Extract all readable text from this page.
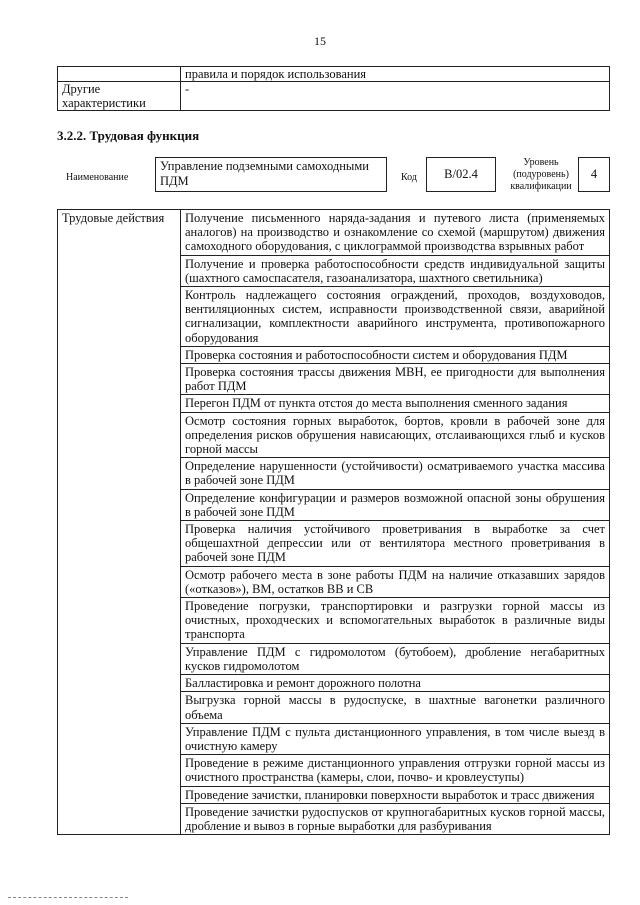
15
	правила и порядок использования
Другие характеристики	-
3.2.2. Трудовая функция
Наименование
Управление подземными самоходными ПДМ	Код	В/02.4
Уровень (подуровень) квалификации
4
Трудовые действия	Получение письменного наряда-задания и путевого листа (применяемых аналогов) на производство и ознакомление со схемой (маршрутом) движения самоходного оборудования, с циклограммой производства взрывных работ
Получение и проверка работоспособности средств индивидуальной защиты (шахтного самоспасателя, газоанализатора, шахтного светильника)
Контроль надлежащего состояния ограждений, проходов, воздуховодов, вентиляционных систем, исправности производственной связи, аварийной сигнализации, комплектности аварийного инструмента, противопожарного оборудования
Проверка состояния и работоспособности систем и оборудования ПДМ
Проверка состояния трассы движения МВН, ее пригодности для выполнения работ ПДМ
Перегон ПДМ от пункта отстоя до места выполнения сменного задания
Осмотр состояния горных выработок, бортов, кровли в рабочей зоне для определения рисков обрушения нависающих, отслаивающихся глыб и кусков горной массы
Определение нарушенности (устойчивости) осматриваемого участка массива в рабочей зоне ПДМ
Определение конфигурации и размеров возможной опасной зоны обрушения в рабочей зоне ПДМ
Проверка наличия устойчивого проветривания в выработке за счет общешахтной депрессии или от вентилятора местного проветривания в рабочей зоне ПДМ
Осмотр рабочего места в зоне работы ПДМ на наличие отказавших зарядов («отказов»), ВМ, остатков ВВ и СВ
Проведение погрузки, транспортировки и разгрузки горной массы из очистных, проходческих и вспомогательных выработок в различные виды транспорта
Управление ПДМ с гидромолотом (бутобоем), дробление негабаритных кусков гидромолотом
Балластировка и ремонт дорожного полотна
Выгрузка горной массы в рудоспуске, в шахтные вагонетки различного объема
Управление ПДМ с пульта дистанционного управления, в том числе выезд в очистную камеру
Проведение в режиме дистанционного управления отгрузки горной массы из очистного пространства (камеры, слои, почво- и кровлеуступы)
Проведение зачистки, планировки поверхности выработок и трасс движения
Проведение зачистки рудоспусков от крупногабаритных кусков горной массы, дробление и вывоз в горные выработки для разбуривания
